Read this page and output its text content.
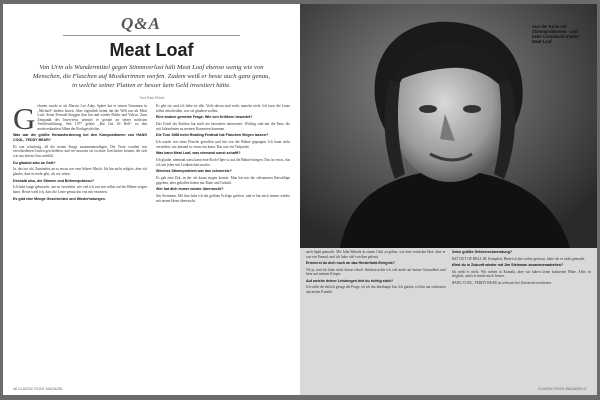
Q&A
Meat Loaf
Von Urin als Wundermittel gegen Stimmverlust hält Meat Loaf ebenso wenig wie von Menschen, die Flaschen auf Musikerinnen werfen. Zudem weiß er beste auch ganz genau, in welche seiner Platten er besser kein Geld investiert hätte.
Text Paul Elliott

G eboren wurde er als Marvin Lee Aday. Später hat er seinen Vornamen in „Michael“ ändern lassen. Aber eigentlich kennt ihn die Welt nur als Meat Loaf. Seine Freunde bloggen ihm hin und wieder Bilder und Videos. Zum Zeitpunkt des Interviews arbeitet er gerade an seiner nächsten Veröffentlichung. Seit 1977 gehört „Bat Out Of Hell“ zu den meistverkauften Alben der Rockgeschichte.

Was war die größte Herausforderung bei den Kompositionen von HANG COOL, TEDDY BEAR?

Es war schwierig, all die neuen Songs zusammenzufügen. Die Texte wurden von verschiedenen Leuten geschrieben, und wir mussten sie zu einer Geschichte formen, die sich wie aus einem Guss anfühlt.

Du glaubst also an Gott?

Ja, das tue ich. Zumindest an so etwas wie eine höhere Macht. Ich bin nicht religiös, aber ich glaube, dass es mehr gibt, als wir sehen.

Deshalb also, die Stimme und Bühnenpräsenz?

Ich habe lange gebraucht, um zu verstehen, wie viel ich von mir selbst auf der Bühne zeigen kann. Heute weiß ich, dass die Leute genau das von mir erwarten.

Es gibt eine Menge Geschichten und Wiederholungen.

Es gibt sie, und ich liebe sie alle. Viele davon sind wahr, manche nicht. Ich lasse die Leute selbst entscheiden, was sie glauben wollen.

Eine andere gemeine Frage: Wie von Kritikern bewertet?

Das Urteil der Kritiker hat mich nie besonders interessiert. Wichtig sind mir die Fans, die seit Jahrzehnten zu meinen Konzerten kommen.

Die Tour 1988 beim Reading Festival hat Flaschen fliegen lassen?

Ich wurde von einer Flasche getroffen und bin von der Bühne gegangen. Ich kann nicht verstehen, wie jemand so etwas tun kann. Das war ein Tiefpunkt.

Was kann Meat Loaf, was niemand sonst schafft?

Ich glaube, niemand sonst kann eine Rock-Oper so auf die Bühne bringen. Das ist etwas, das ich seit jeher mit Leidenschaft mache.

Welches Stimmproblem war das schwerste?

Es gab eine Zeit, in der ich kaum singen konnte. Man hat mir die seltsamsten Ratschläge gegeben, aber geholfen haben nur Ruhe und Geduld.

Wer hat dich immer wieder überrascht?

Jim Steinman. Mit ihm habe ich die größten Erfolge gefeiert, und er hat mich immer wieder mit neuen Ideen überrascht.

46 CLASSIC ROCK MAGAZIN
Aus der Krise mit Stimmproblemen - und beim Comeback wieder: Meat Loaf

nach Spaß gemacht. Mit John Belushi in einem Club zu gehen, wie eine verrückte Idee: aber er war ein Freund, und ich habe viel von ihm gelernt.

Erinnerst du dich noch an das Herzinfarkt-Ereignis?

Oh ja, und ich habe mich davon erholt. Seitdem achte ich viel mehr auf meine Gesundheit und höre auf meinen Körper.

Auf welche deiner Leistungen bist du richtig stolz?

Ich stelle dir ehrlich gesagt die Frage, ob ich das überhaupt bin. Ich glaube, ich bin am stolzesten auf meine Familie.

Deine größte Geldverschwendung?

BAT OUT OF HELL III: Komplett. Hätte ich das vorher gewusst, hätte ich es nicht gemacht.

Wirst du in Zukunft wieder mit Jim Steinman zusammenarbeiten?

Ich weiß es nicht. Wir stehen in Kontakt, aber wir haben keine konkreten Pläne. Alles ist möglich, und ich würde mich freuen.

HANG COOL, TEDDY BEAR ist weltweit bei Universal erschienen.

CLASSIC ROCK MAGAZIN 47
